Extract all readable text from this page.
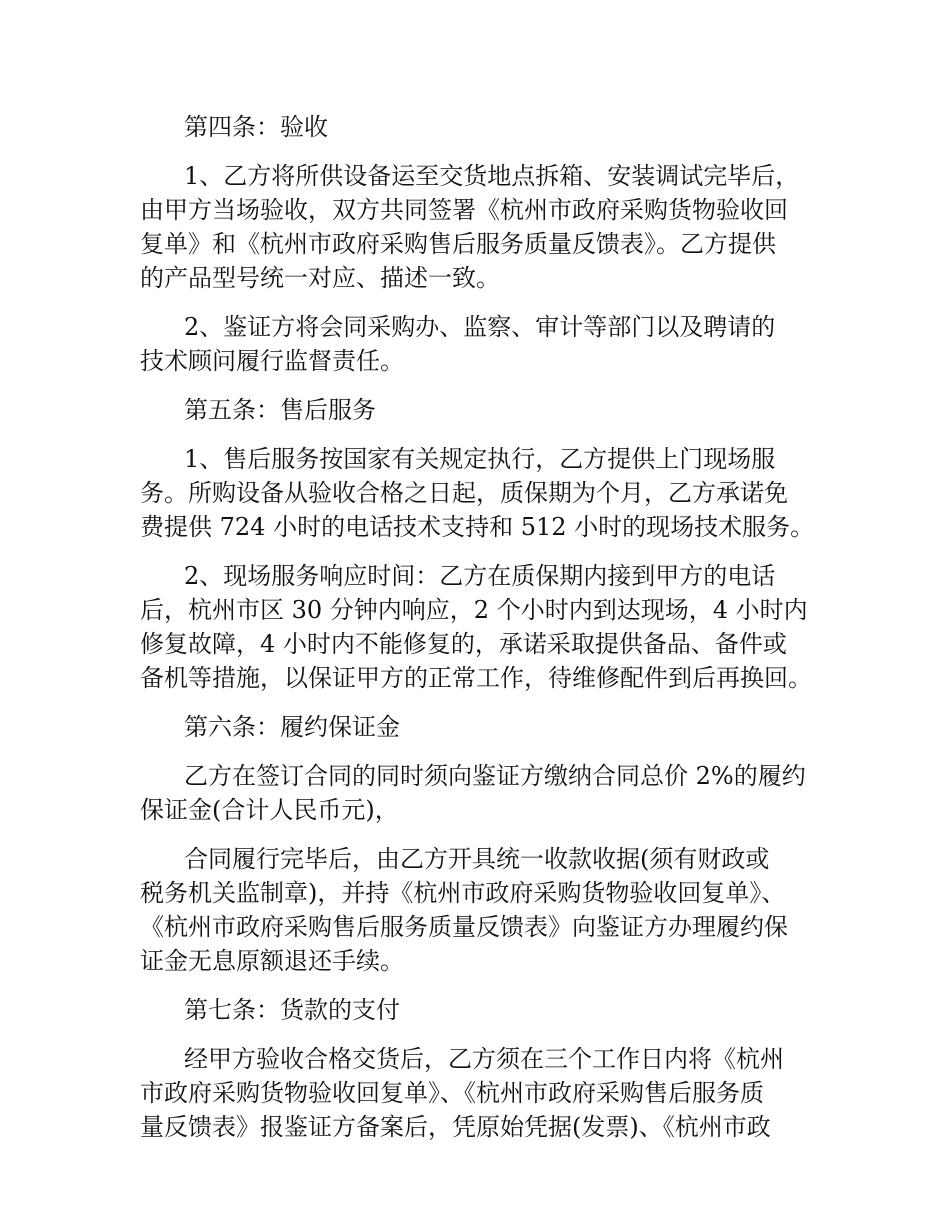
第四条：验收

1、乙方将所供设备运至交货地点拆箱、安装调试完毕后，
由甲方当场验收，双方共同签署《杭州市政府采购货物验收回
复单》和《杭州市政府采购售后服务质量反馈表》。乙方提供
的产品型号统一对应、描述一致。

2、鉴证方将会同采购办、监察、审计等部门以及聘请的
技术顾问履行监督责任。

第五条：售后服务

1、售后服务按国家有关规定执行，乙方提供上门现场服
务。所购设备从验收合格之日起，质保期为个月，乙方承诺免
费提供 724 小时的电话技术支持和 512 小时的现场技术服务。

2、现场服务响应时间：乙方在质保期内接到甲方的电话
后，杭州市区 30 分钟内响应，2 个小时内到达现场，4 小时内
修复故障，4 小时内不能修复的，承诺采取提供备品、备件或
备机等措施，以保证甲方的正常工作，待维修配件到后再换回。

第六条：履约保证金

乙方在签订合同的同时须向鉴证方缴纳合同总价 2%的履约
保证金(合计人民币元)，

合同履行完毕后，由乙方开具统一收款收据(须有财政或
税务机关监制章)，并持《杭州市政府采购货物验收回复单》、
《杭州市政府采购售后服务质量反馈表》向鉴证方办理履约保
证金无息原额退还手续。

第七条：货款的支付

经甲方验收合格交货后，乙方须在三个工作日内将《杭州
市政府采购货物验收回复单》、《杭州市政府采购售后服务质
量反馈表》报鉴证方备案后，凭原始凭据(发票)、《杭州市政
